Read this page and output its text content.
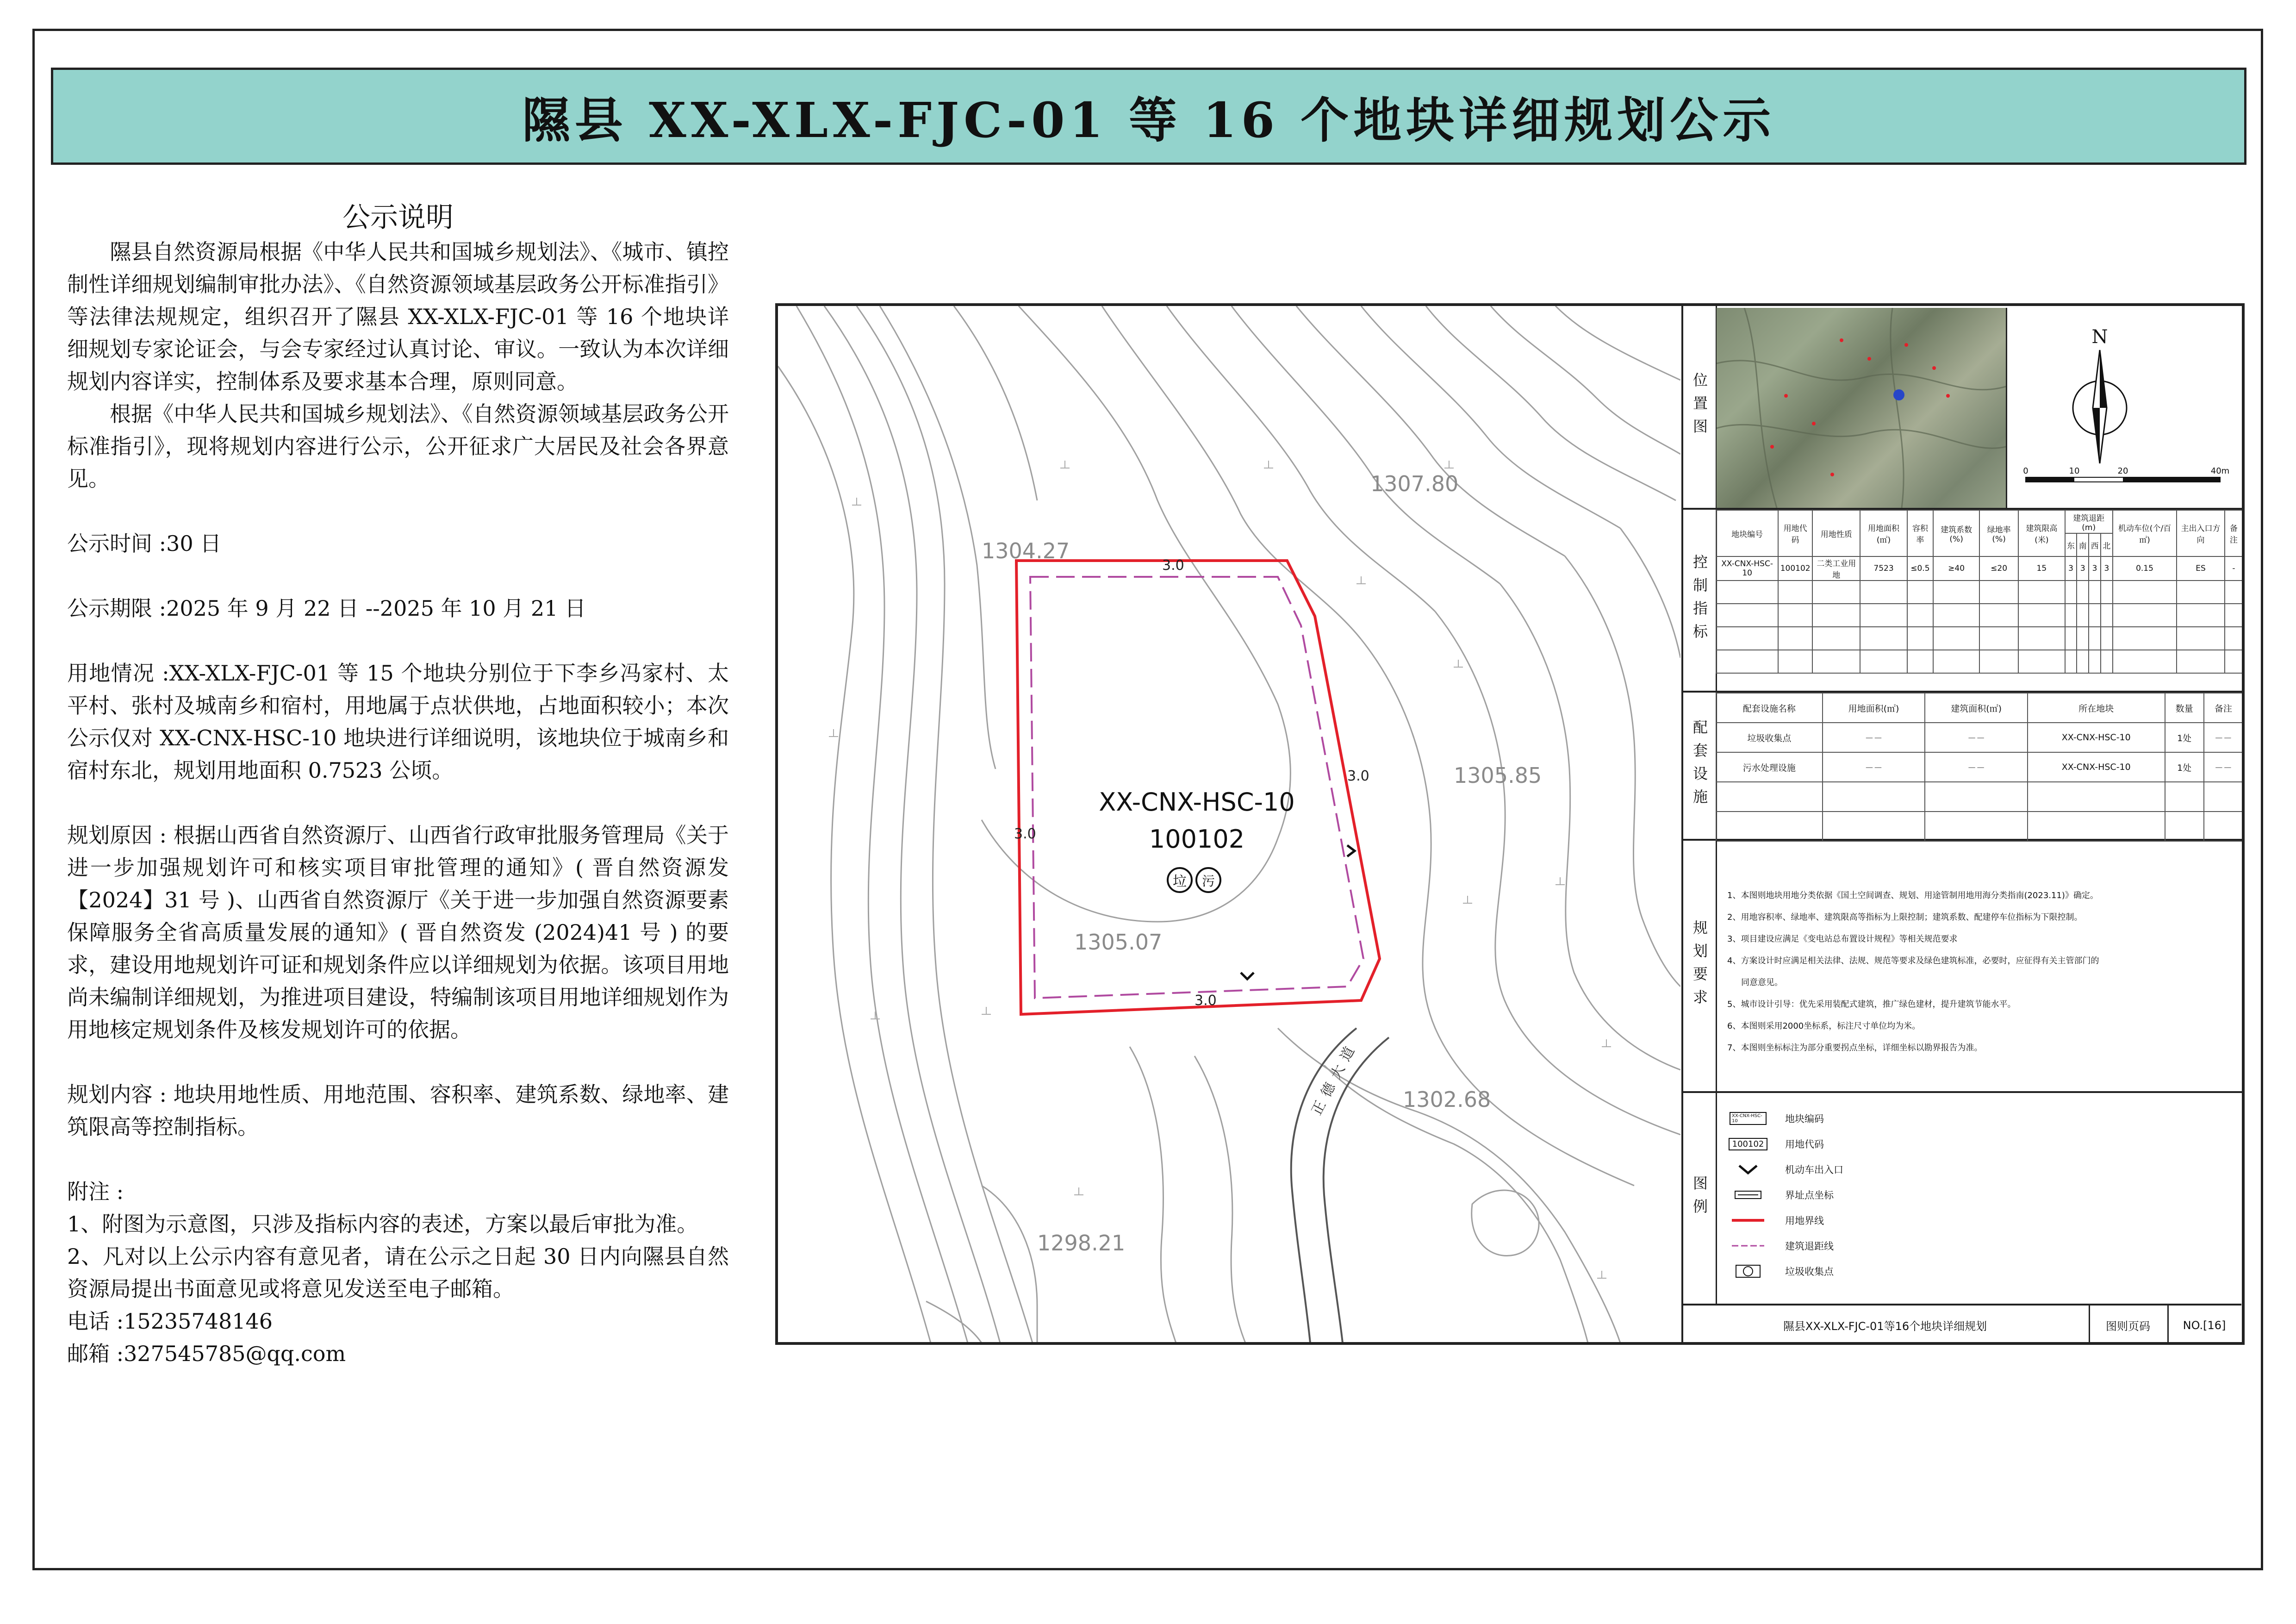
隰县 XX-XLX-FJC-01 等 16 个地块详细规划公示
公示说明

隰县自然资源局根据《中华人民共和国城乡规划法》、《城市、镇控制性详细规划编制审批办法》、《自然资源领域基层政务公开标准指引》等法律法规规定，组织召开了隰县 XX-XLX-FJC-01 等 16 个地块详细规划专家论证会，与会专家经过认真讨论、审议。一致认为本次详细规划内容详实，控制体系及要求基本合理，原则同意。

根据《中华人民共和国城乡规划法》、《自然资源领域基层政务公开标准指引》，现将规划内容进行公示，公开征求广大居民及社会各界意见。

公示时间 :30 日

公示期限 :2025 年 9 月 22 日 --2025 年 10 月 21 日

用地情况 :XX-XLX-FJC-01 等 15 个地块分别位于下李乡冯家村、太平村、张村及城南乡和宿村，用地属于点状供地，占地面积较小；本次公示仅对 XX-CNX-HSC-10 地块进行详细说明，该地块位于城南乡和宿村东北，规划用地面积 0.7523 公顷。

规划原因 : 根据山西省自然资源厅、山西省行政审批服务管理局《关于进一步加强规划许可和核实项目审批管理的通知》( 晋自然资源发【2024】31 号 )、山西省自然资源厅《关于进一步加强自然资源要素保障服务全省高质量发展的通知》( 晋自然资发 (2024)41 号 ) 的要求，建设用地规划许可证和规划条件应以详细规划为依据。该项目用地尚未编制详细规划，为推进项目建设，特编制该项目用地详细规划作为用地核定规划条件及核发规划许可的依据。

规划内容 : 地块用地性质、用地范围、容积率、建筑系数、绿地率、建筑限高等控制指标。

附注 :

1、附图为示意图，只涉及指标内容的表述，方案以最后审批为准。

2、凡对以上公示内容有意见者，请在公示之日起 30 日内向隰县自然资源局提出书面意见或将意见发送至电子邮箱。

电话 :15235748146

邮箱 :327545785@qq.com

正德大道
1307.80
1304.27
1305.85
1305.07
1302.68
1298.21
3.0
3.0
3.0
3.0
XX-CNX-HSC-10
100102
垃 污
位置图
N
0	10	20	40m
控制指标
地块编号	用地代码	用地性质	用地面积(㎡)	容积率	建筑系数(%)	绿地率(%)	建筑限高(米)	建筑退距(m)				机动车位(个/百㎡)	主出入口方向	备注
								东	南	西	北			
XX-CNX-HSC-10	100102	二类工业用地	7523	≤0.5	≥40	≤20	15	3	3	3	3	0.15	ES	-

配套设施
配套设施名称	用地面积(㎡)	建筑面积(㎡)	所在地块	数量	备注
垃圾收集点	－－	－－	XX-CNX-HSC-10	1处	－－
污水处理设施	－－	－－	XX-CNX-HSC-10	1处	－－

规划要求
1、本图则地块用地分类依据《国土空间调查、规划、用途管制用地用海分类指南(2023.11)》确定。
2、用地容积率、绿地率、建筑限高等指标为上限控制；建筑系数、配建停车位指标为下限控制。
3、项目建设应满足《变电站总布置设计规程》等相关规范要求
4、方案设计时应满足相关法律、法规、规范等要求及绿色建筑标准，必要时，应征得有关主管部门的
同意意见。
5、城市设计引导：优先采用装配式建筑，推广绿色建材，提升建筑节能水平。
6、本图则采用2000坐标系，标注尺寸单位均为米。
7、本图则坐标标注为部分重要拐点坐标，详细坐标以勘界报告为准。
图例
XX-CNX-HSC-10	地块编码
100102	用地代码
机动车出入口
界址点坐标
用地界线
建筑退距线
垃圾收集点
隰县XX-XLX-FJC-01等16个地块详细规划	图则页码	NO.[16]
